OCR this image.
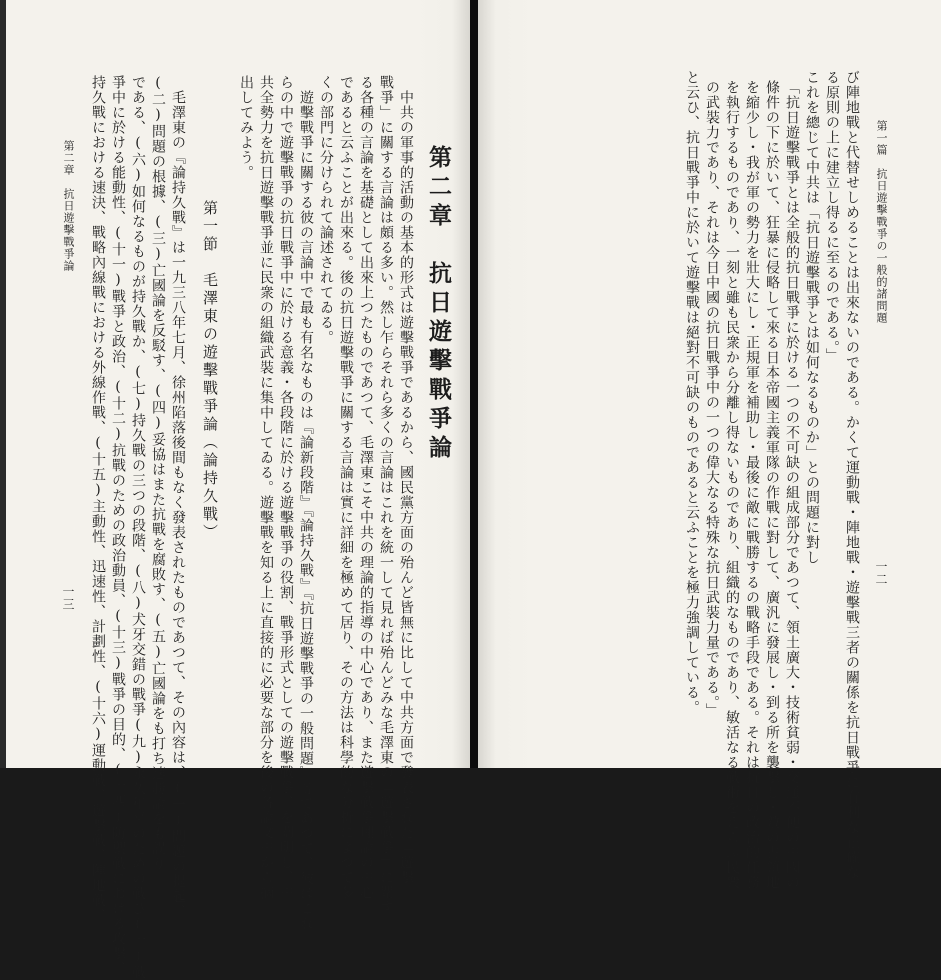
第二章　抗日遊擊戰爭論
中共の軍事的活動の基本的形式は遊擊戰爭であるから、國民黨方面の殆んど皆無に比して中共方面で發表された「遊擊
戰爭」に關する言論は頗る多い。然し乍らそれら多くの言論はこれを統一して見れば殆んどみな毛澤東の「遊擊戰爭」に關す
る各種の言論を基礎として出來上つたものであつて、毛澤東こそ中共の理論的指導の中心であり、また遊擊戰爭理論の中心
であると云ふことが出來る。後の抗日遊擊戰爭に關する言論は實に詳細を極めて居り、その方法は科學的な分析によつて多
くの部門に分けられて論述されてゐる。
遊擊戰爭に關する彼の言論中で最も有名なものは『論新段階』『論持久戰』『抗日遊擊戰爭の一般問題』等であつて、彼はこれ
らの中で遊擊戰爭の抗日戰爭中に於ける意義・各段階に於ける遊擊戰爭の役割、戰爭形式としての遊擊戰爭、を闡明し、中
共全勢力を抗日遊擊戰爭並に民衆の組織武裝に集中してゐる。遊擊戰を知る上に直接的に必要な部分を後の各論文中から摘
出してみよう。
第一節　毛澤東の遊擊戰爭論（論持久戰）
毛澤東の『論持久戰』は一九三八年七月、徐州陷落後間もなく發表されたものであつて、その內容は、(一)問題の提起、
(二)問題の根據、(三)亡國論を反駁す、(四)妥協はまた抗戰を腐敗す、(五)亡國論をも打ち速勝論をも誤り
である、(六)如何なるものが持久戰か、(七)持久戰の三つの段階、(八)犬牙交錯の戰爭(九)永久和平のための戰ひ(十)戰
爭中に於ける能動性、(十一)戰爭と政治、(十二)抗戰のための政治動員、(十三)戰爭の目的、(十四)防禦戰における攻擊、
持久戰における速決、戰略內線戰における外線作戰、(十五)主動性、迅速性、計劃性、(十六)運動戰、遊擊戰、陣地戰、
第二章　抗日遊擊戰爭論
一三
第一篇　抗日遊擊戰爭の一般的諸問題
一二
び陣地戰と代替せしめることは出來ないのである。かくて運動戰・陣地戰・遊擊戰三者の關係を抗日戰爭に有利な正確な
る原則の上に建立し得るに至るのである。」
これを總じて中共は「抗日遊擊戰爭とは如何なるものか」との問題に對し
「抗日遊擊戰爭とは全般的抗日戰爭に於ける一つの不可缺の組成部分であつて、領土廣大・技術貧弱・交通不便の中國の
條件の下に於いて、狂暴に侵略して來る日本帝國主義軍隊の作戰に對して、廣汎に發展し・到る所を襲擊し・敵の占領地
を縮少し・我が軍の勢力を壯大にし・正規軍を補助し・最後に敵に戰勝するの戰略手段である。それは抗日の政治的任務
を執行するものであり、一刻と雖も民衆から分離し得ないものであり、組織的なものであり、敏活なる戰術をえらぶ民衆
の武裝力であり、それは今日中國の抗日戰爭中の一つの偉大なる特殊な抗日武裝力量である。」
と云ひ、抗日戰爭中に於いて遊擊戰は絕對不可缺のものであると云ふことを極力強調している。
